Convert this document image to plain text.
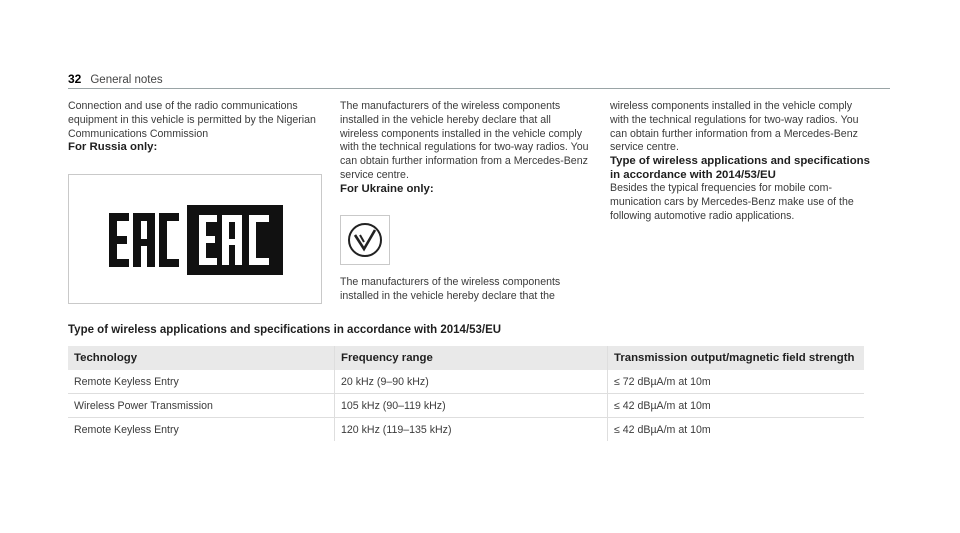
32 General notes

Connection and use of the radio communications equipment in this vehicle is permitted by the Nigerian Communications Commission

For Russia only:

The manufacturers of the wireless components installed in the vehicle hereby declare that all wireless components installed in the vehicle comply with the technical regulations for two-way radios. You can obtain further information from a Mercedes-Benz service centre.

For Ukraine only:

The manufacturers of the wireless components installed in the vehicle hereby declare that the

wireless components installed in the vehicle comply with the technical regulations for two-way radios. You can obtain further information from a Mercedes-Benz service centre.

Type of wireless applications and specifications in accordance with 2014/53/EU

Besides the typical frequencies for mobile communication cars by Mercedes-Benz make use of the following automotive radio applications.

Type of wireless applications and specifications in accordance with 2014/53/EU
Technology	Frequency range	Transmission output/magnetic field strength
Remote Keyless Entry	20 kHz (9–90 kHz)	≤ 72 dBµA/m at 10m
Wireless Power Transmission	105 kHz (90–119 kHz)	≤ 42 dBµA/m at 10m
Remote Keyless Entry	120 kHz (119–135 kHz)	≤ 42 dBµA/m at 10m
